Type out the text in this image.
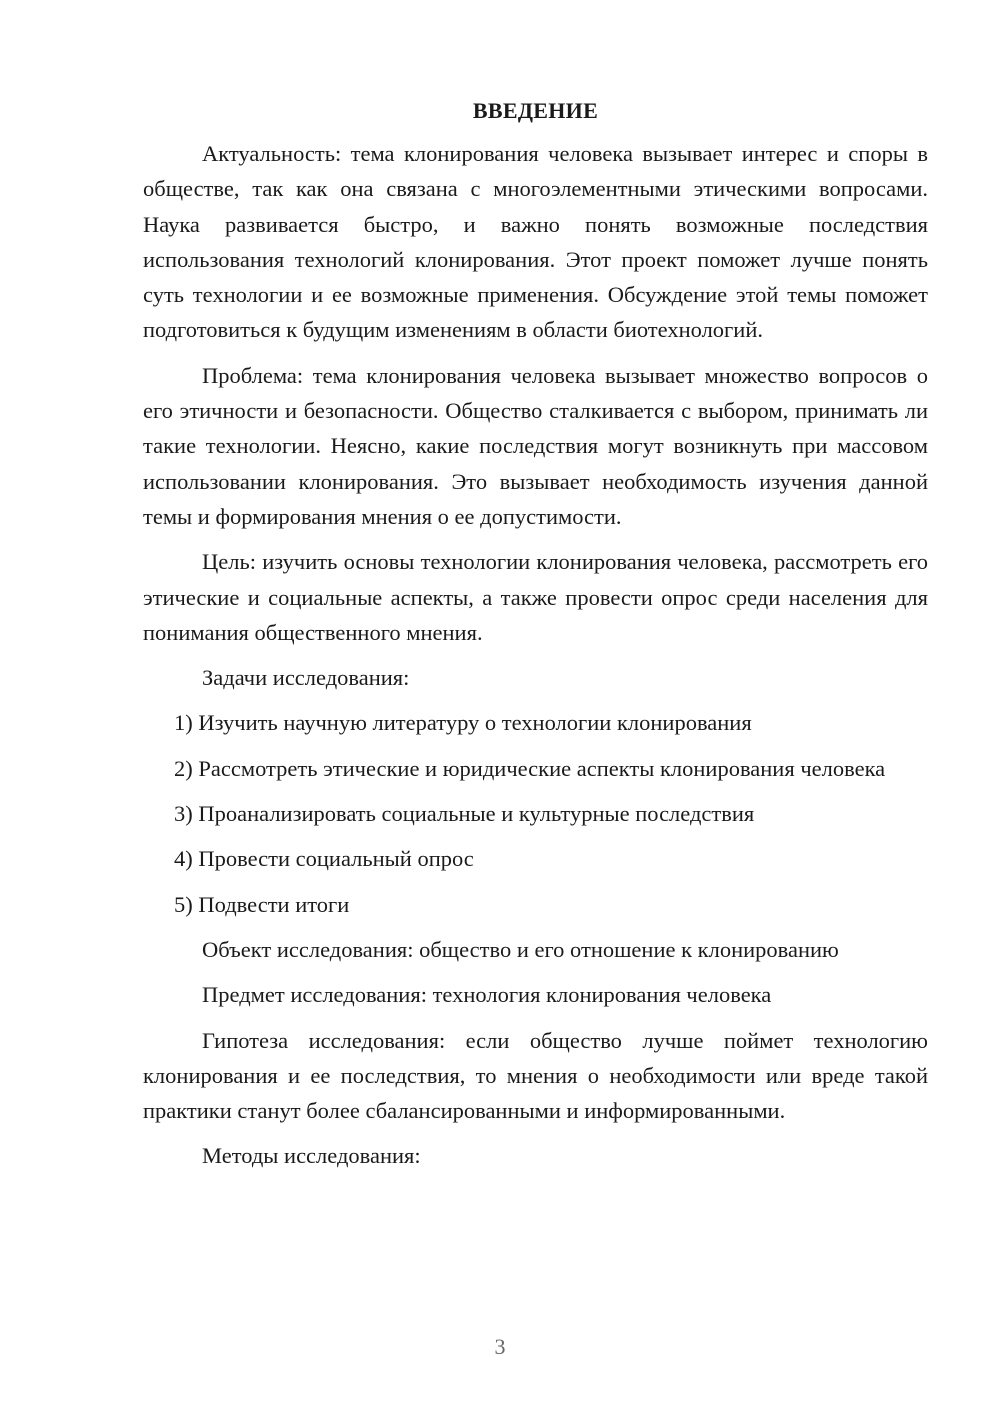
ВВЕДЕНИЕ

Актуальность: тема клонирования человека вызывает интерес и споры в обществе, так как она связана с многоэлементными этическими вопросами. Наука развивается быстро, и важно понять возможные последствия использования технологий клонирования. Этот проект поможет лучше понять суть технологии и ее возможные применения. Обсуждение этой темы поможет подготовиться к будущим изменениям в области биотехнологий.

Проблема: тема клонирования человека вызывает множество вопросов о его этичности и безопасности. Общество сталкивается с выбором, принимать ли такие технологии. Неясно, какие последствия могут возникнуть при массовом использовании клонирования. Это вызывает необходимость изучения данной темы и формирования мнения о ее допустимости.

Цель: изучить основы технологии клонирования человека, рассмотреть его этические и социальные аспекты, а также провести опрос среди населения для понимания общественного мнения.

Задачи исследования:

1) Изучить научную литературу о технологии клонирования

2) Рассмотреть этические и юридические аспекты клонирования человека

3) Проанализировать социальные и культурные последствия

4) Провести социальный опрос

5) Подвести итоги

Объект исследования: общество и его отношение к клонированию

Предмет исследования: технология клонирования человека

Гипотеза исследования: если общество лучше поймет технологию клонирования и ее последствия, то мнения о необходимости или вреде такой практики станут более сбалансированными и информированными.

Методы исследования:

3
